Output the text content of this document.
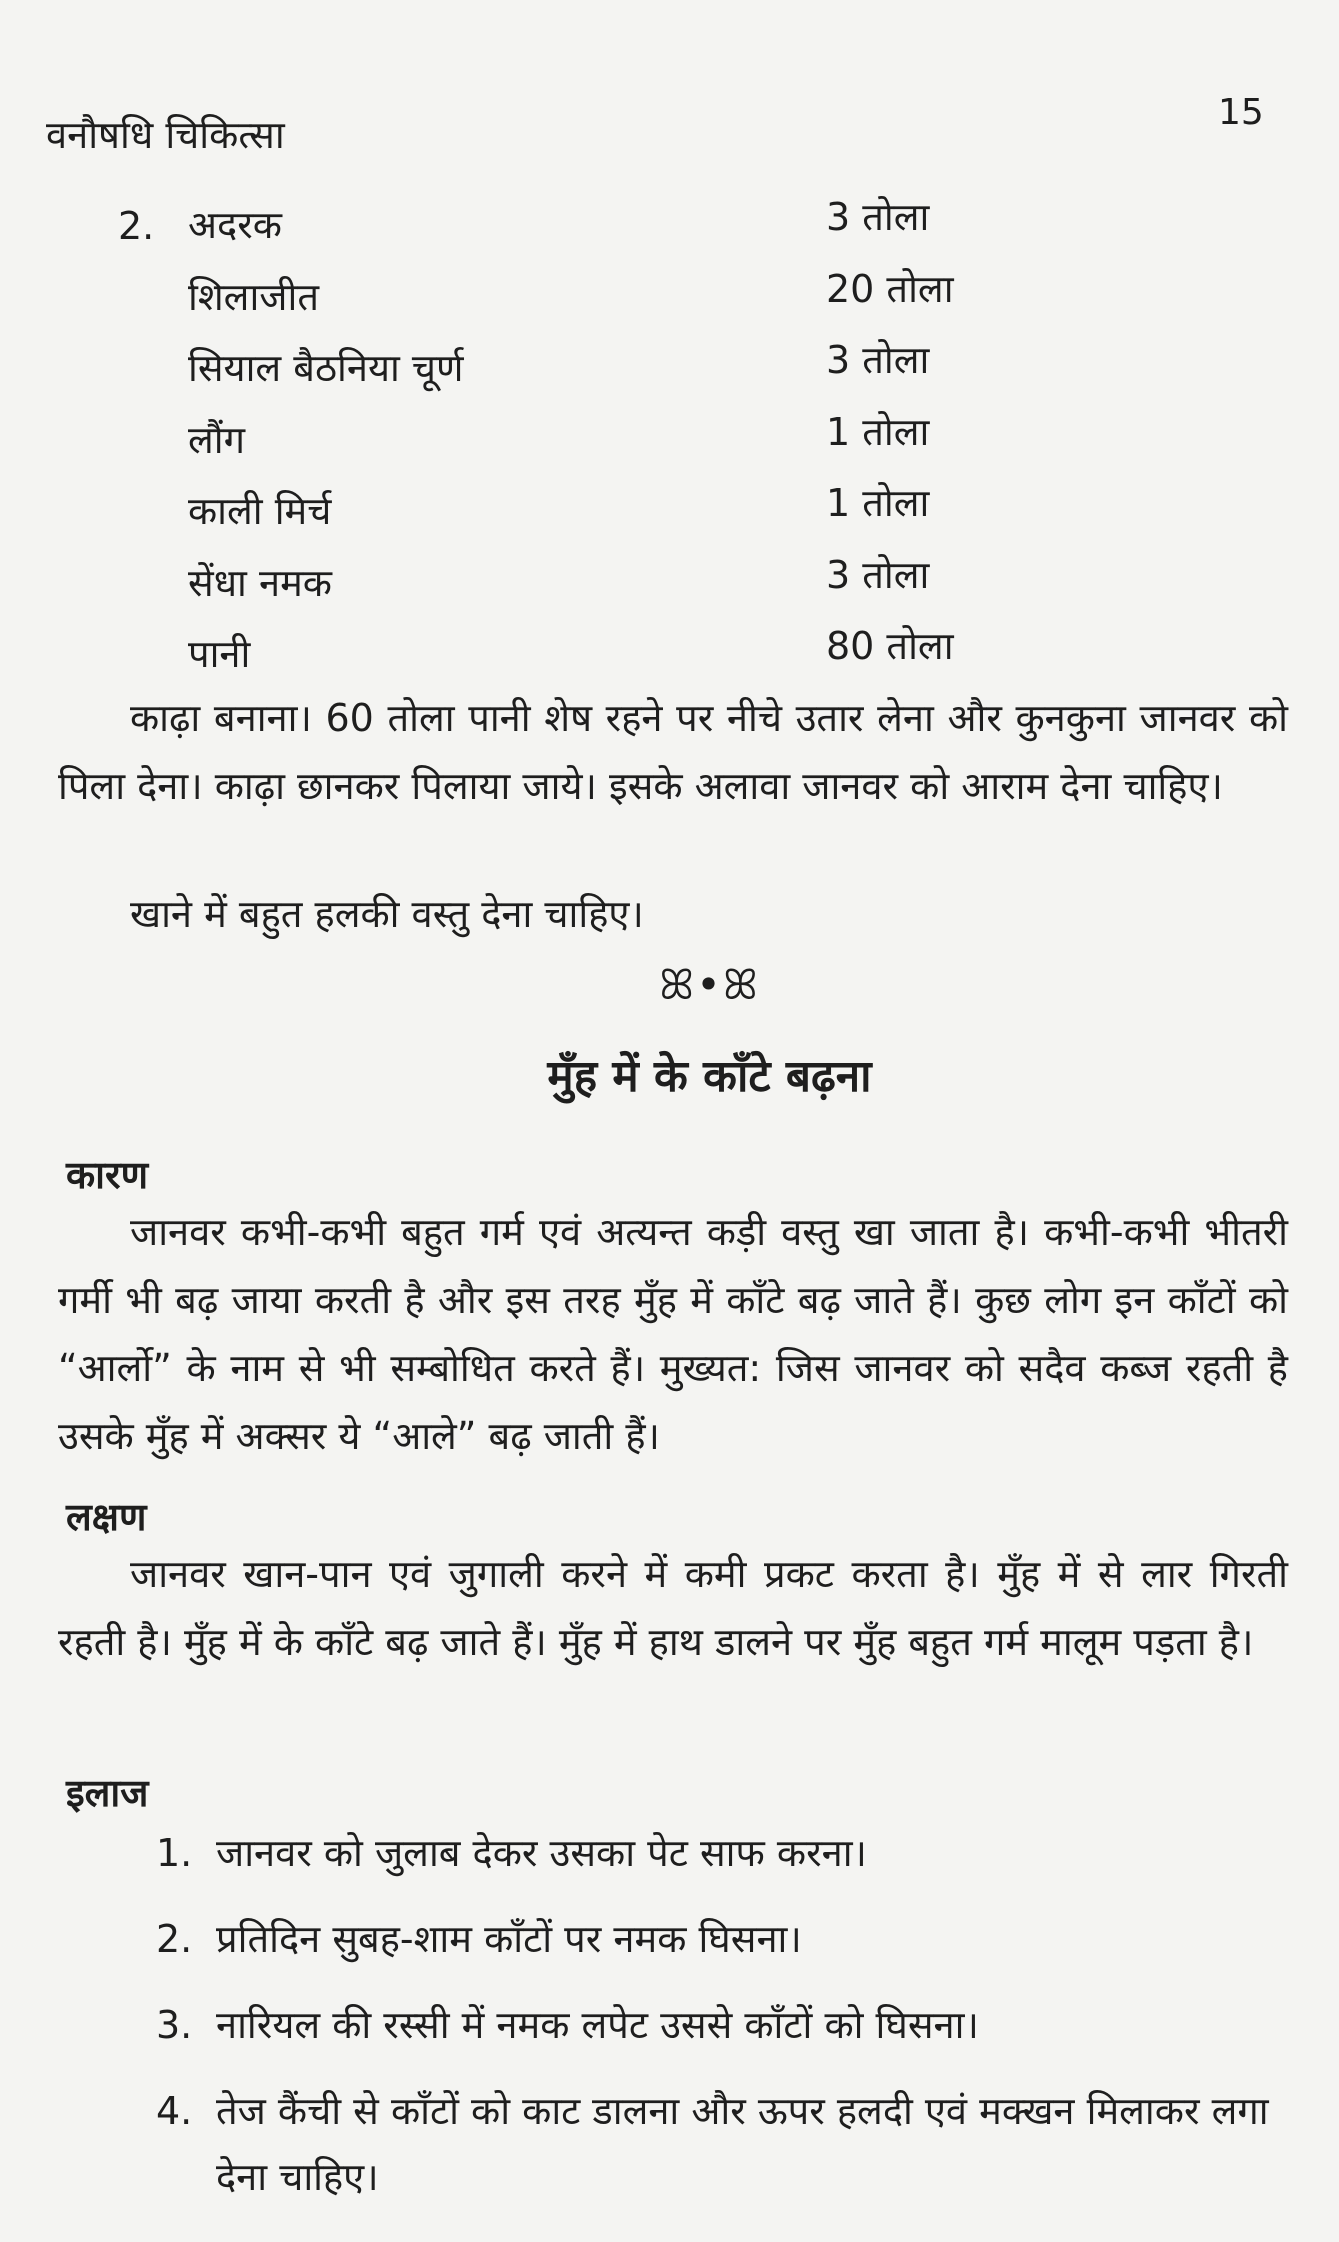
वनौषधि चिकित्सा
15
2. अदरक	3 तोला
शिलाजीत	20 तोला
सियाल बैठनिया चूर्ण	3 तोला
लौंग	1 तोला
काली मिर्च	1 तोला
सेंधा नमक	3 तोला
पानी	80 तोला

काढ़ा बनाना। 60 तोला पानी शेष रहने पर नीचे उतार लेना और कुनकुना जानवर को पिला देना। काढ़ा छानकर पिलाया जाये। इसके अलावा जानवर को आराम देना चाहिए।

खाने में बहुत हलकी वस्तु देना चाहिए।

ꕤ•ꕤ
मुँह में के काँटे बढ़ना
कारण

जानवर कभी-कभी बहुत गर्म एवं अत्यन्त कड़ी वस्तु खा जाता है। कभी-कभी भीतरी गर्मी भी बढ़ जाया करती है और इस तरह मुँह में काँटे बढ़ जाते हैं। कुछ लोग इन काँटों को “आर्लो” के नाम से भी सम्बोधित करते हैं। मुख्यत: जिस जानवर को सदैव कब्ज रहती है उसके मुँह में अक्सर ये “आले” बढ़ जाती हैं।

लक्षण

जानवर खान-पान एवं जुगाली करने में कमी प्रकट करता है। मुँह में से लार गिरती रहती है। मुँह में के काँटे बढ़ जाते हैं। मुँह में हाथ डालने पर मुँह बहुत गर्म मालूम पड़ता है।

इलाज
1. जानवर को जुलाब देकर उसका पेट साफ करना।
2. प्रतिदिन सुबह-शाम काँटों पर नमक घिसना।
3. नारियल की रस्सी में नमक लपेट उससे काँटों को घिसना।
4. तेज कैंची से काँटों को काट डालना और ऊपर हलदी एवं मक्खन मिलाकर लगा देना चाहिए।
